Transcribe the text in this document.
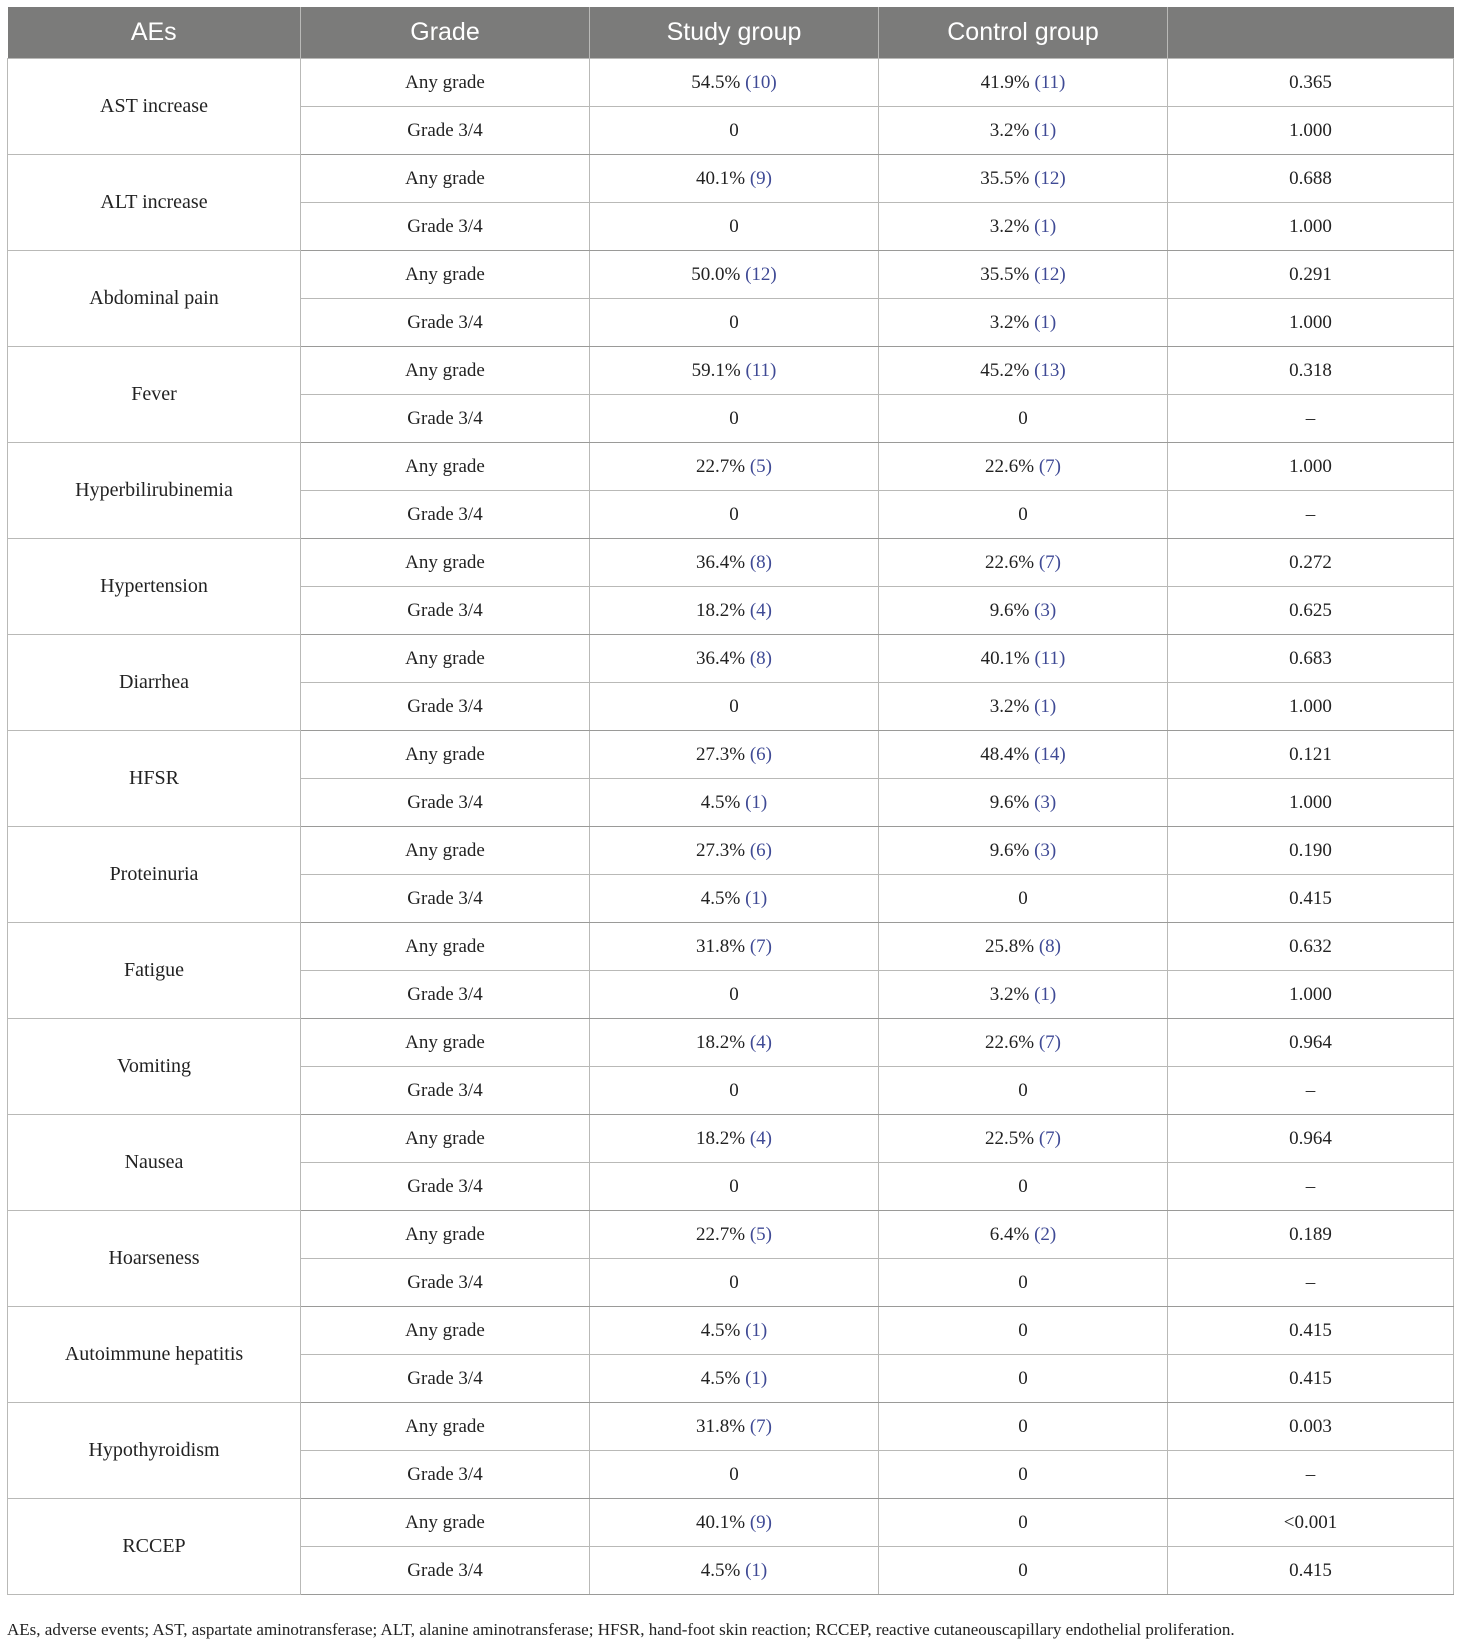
AEs	Grade	Study group	Control group	
AST increase	Any grade	54.5% (10)	41.9% (11)	0.365
	Grade 3/4	0	3.2% (1)	1.000
ALT increase	Any grade	40.1% (9)	35.5% (12)	0.688
	Grade 3/4	0	3.2% (1)	1.000
Abdominal pain	Any grade	50.0% (12)	35.5% (12)	0.291
	Grade 3/4	0	3.2% (1)	1.000
Fever	Any grade	59.1% (11)	45.2% (13)	0.318
	Grade 3/4	0	0	–
Hyperbilirubinemia	Any grade	22.7% (5)	22.6% (7)	1.000
	Grade 3/4	0	0	–
Hypertension	Any grade	36.4% (8)	22.6% (7)	0.272
	Grade 3/4	18.2% (4)	9.6% (3)	0.625
Diarrhea	Any grade	36.4% (8)	40.1% (11)	0.683
	Grade 3/4	0	3.2% (1)	1.000
HFSR	Any grade	27.3% (6)	48.4% (14)	0.121
	Grade 3/4	4.5% (1)	9.6% (3)	1.000
Proteinuria	Any grade	27.3% (6)	9.6% (3)	0.190
	Grade 3/4	4.5% (1)	0	0.415
Fatigue	Any grade	31.8% (7)	25.8% (8)	0.632
	Grade 3/4	0	3.2% (1)	1.000
Vomiting	Any grade	18.2% (4)	22.6% (7)	0.964
	Grade 3/4	0	0	–
Nausea	Any grade	18.2% (4)	22.5% (7)	0.964
	Grade 3/4	0	0	–
Hoarseness	Any grade	22.7% (5)	6.4% (2)	0.189
	Grade 3/4	0	0	–
Autoimmune hepatitis	Any grade	4.5% (1)	0	0.415
	Grade 3/4	4.5% (1)	0	0.415
Hypothyroidism	Any grade	31.8% (7)	0	0.003
	Grade 3/4	0	0	–
RCCEP	Any grade	40.1% (9)	0	<0.001
	Grade 3/4	4.5% (1)	0	0.415
AEs, adverse events; AST, aspartate aminotransferase; ALT, alanine aminotransferase; HFSR, hand-foot skin reaction; RCCEP, reactive cutaneouscapillary endothelial proliferation.
